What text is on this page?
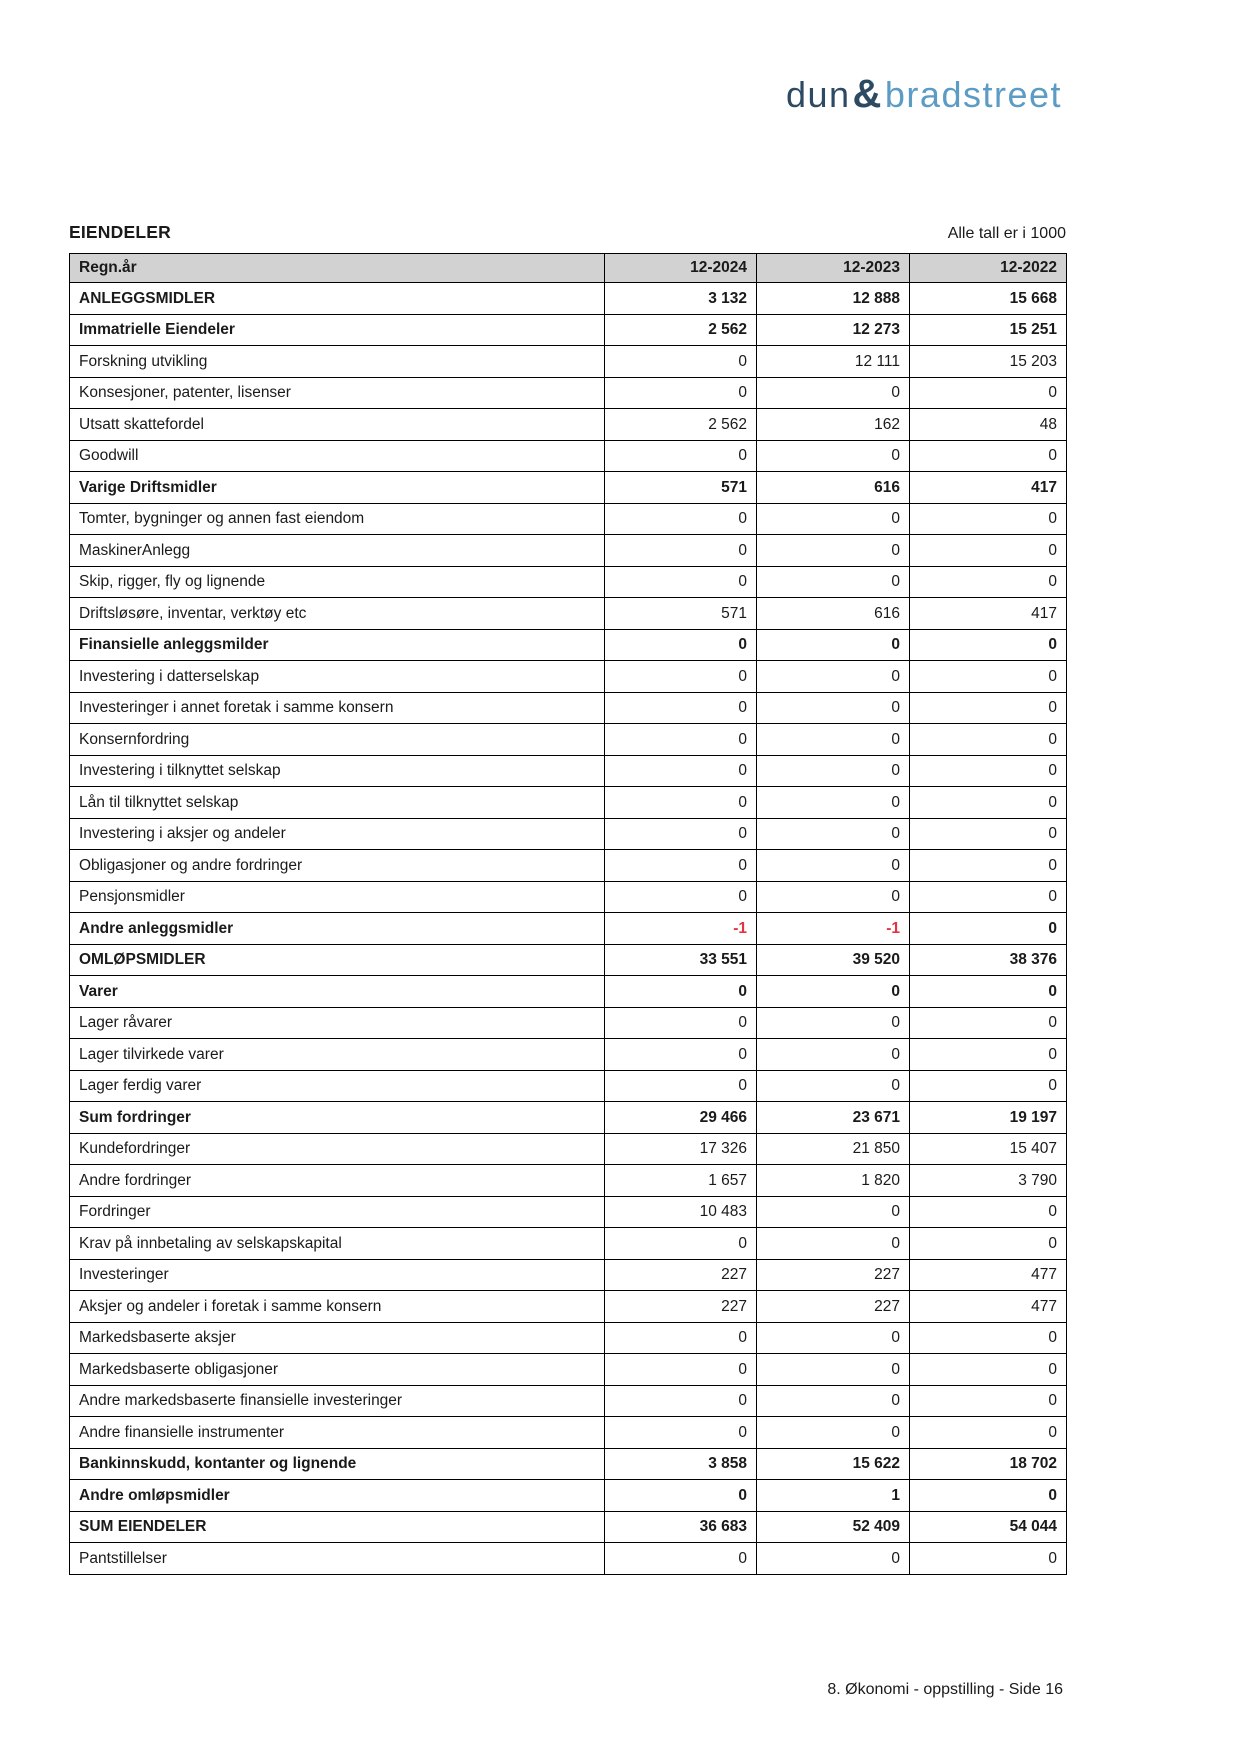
dun&bradstreet
EIENDELER	Alle tall er i 1000
Regn.år	12-2024	12-2023	12-2022
ANLEGGSMIDLER	3 132	12 888	15 668
Immatrielle Eiendeler	2 562	12 273	15 251
Forskning utvikling	0	12 111	15 203
Konsesjoner, patenter, lisenser	0	0	0
Utsatt skattefordel	2 562	162	48
Goodwill	0	0	0
Varige Driftsmidler	571	616	417
Tomter, bygninger og annen fast eiendom	0	0	0
MaskinerAnlegg	0	0	0
Skip, rigger, fly og lignende	0	0	0
Driftsløsøre, inventar, verktøy etc	571	616	417
Finansielle anleggsmilder	0	0	0
Investering i datterselskap	0	0	0
Investeringer i annet foretak i samme konsern	0	0	0
Konsernfordring	0	0	0
Investering i tilknyttet selskap	0	0	0
Lån til tilknyttet selskap	0	0	0
Investering i aksjer og andeler	0	0	0
Obligasjoner og andre fordringer	0	0	0
Pensjonsmidler	0	0	0
Andre anleggsmidler	-1	-1	0
OMLØPSMIDLER	33 551	39 520	38 376
Varer	0	0	0
Lager råvarer	0	0	0
Lager tilvirkede varer	0	0	0
Lager ferdig varer	0	0	0
Sum fordringer	29 466	23 671	19 197
Kundefordringer	17 326	21 850	15 407
Andre fordringer	1 657	1 820	3 790
Fordringer	10 483	0	0
Krav på innbetaling av selskapskapital	0	0	0
Investeringer	227	227	477
Aksjer og andeler i foretak i samme konsern	227	227	477
Markedsbaserte aksjer	0	0	0
Markedsbaserte obligasjoner	0	0	0
Andre markedsbaserte finansielle investeringer	0	0	0
Andre finansielle instrumenter	0	0	0
Bankinnskudd, kontanter og lignende	3 858	15 622	18 702
Andre omløpsmidler	0	1	0
SUM EIENDELER	36 683	52 409	54 044
Pantstillelser	0	0	0
8. Økonomi - oppstilling - Side 16
